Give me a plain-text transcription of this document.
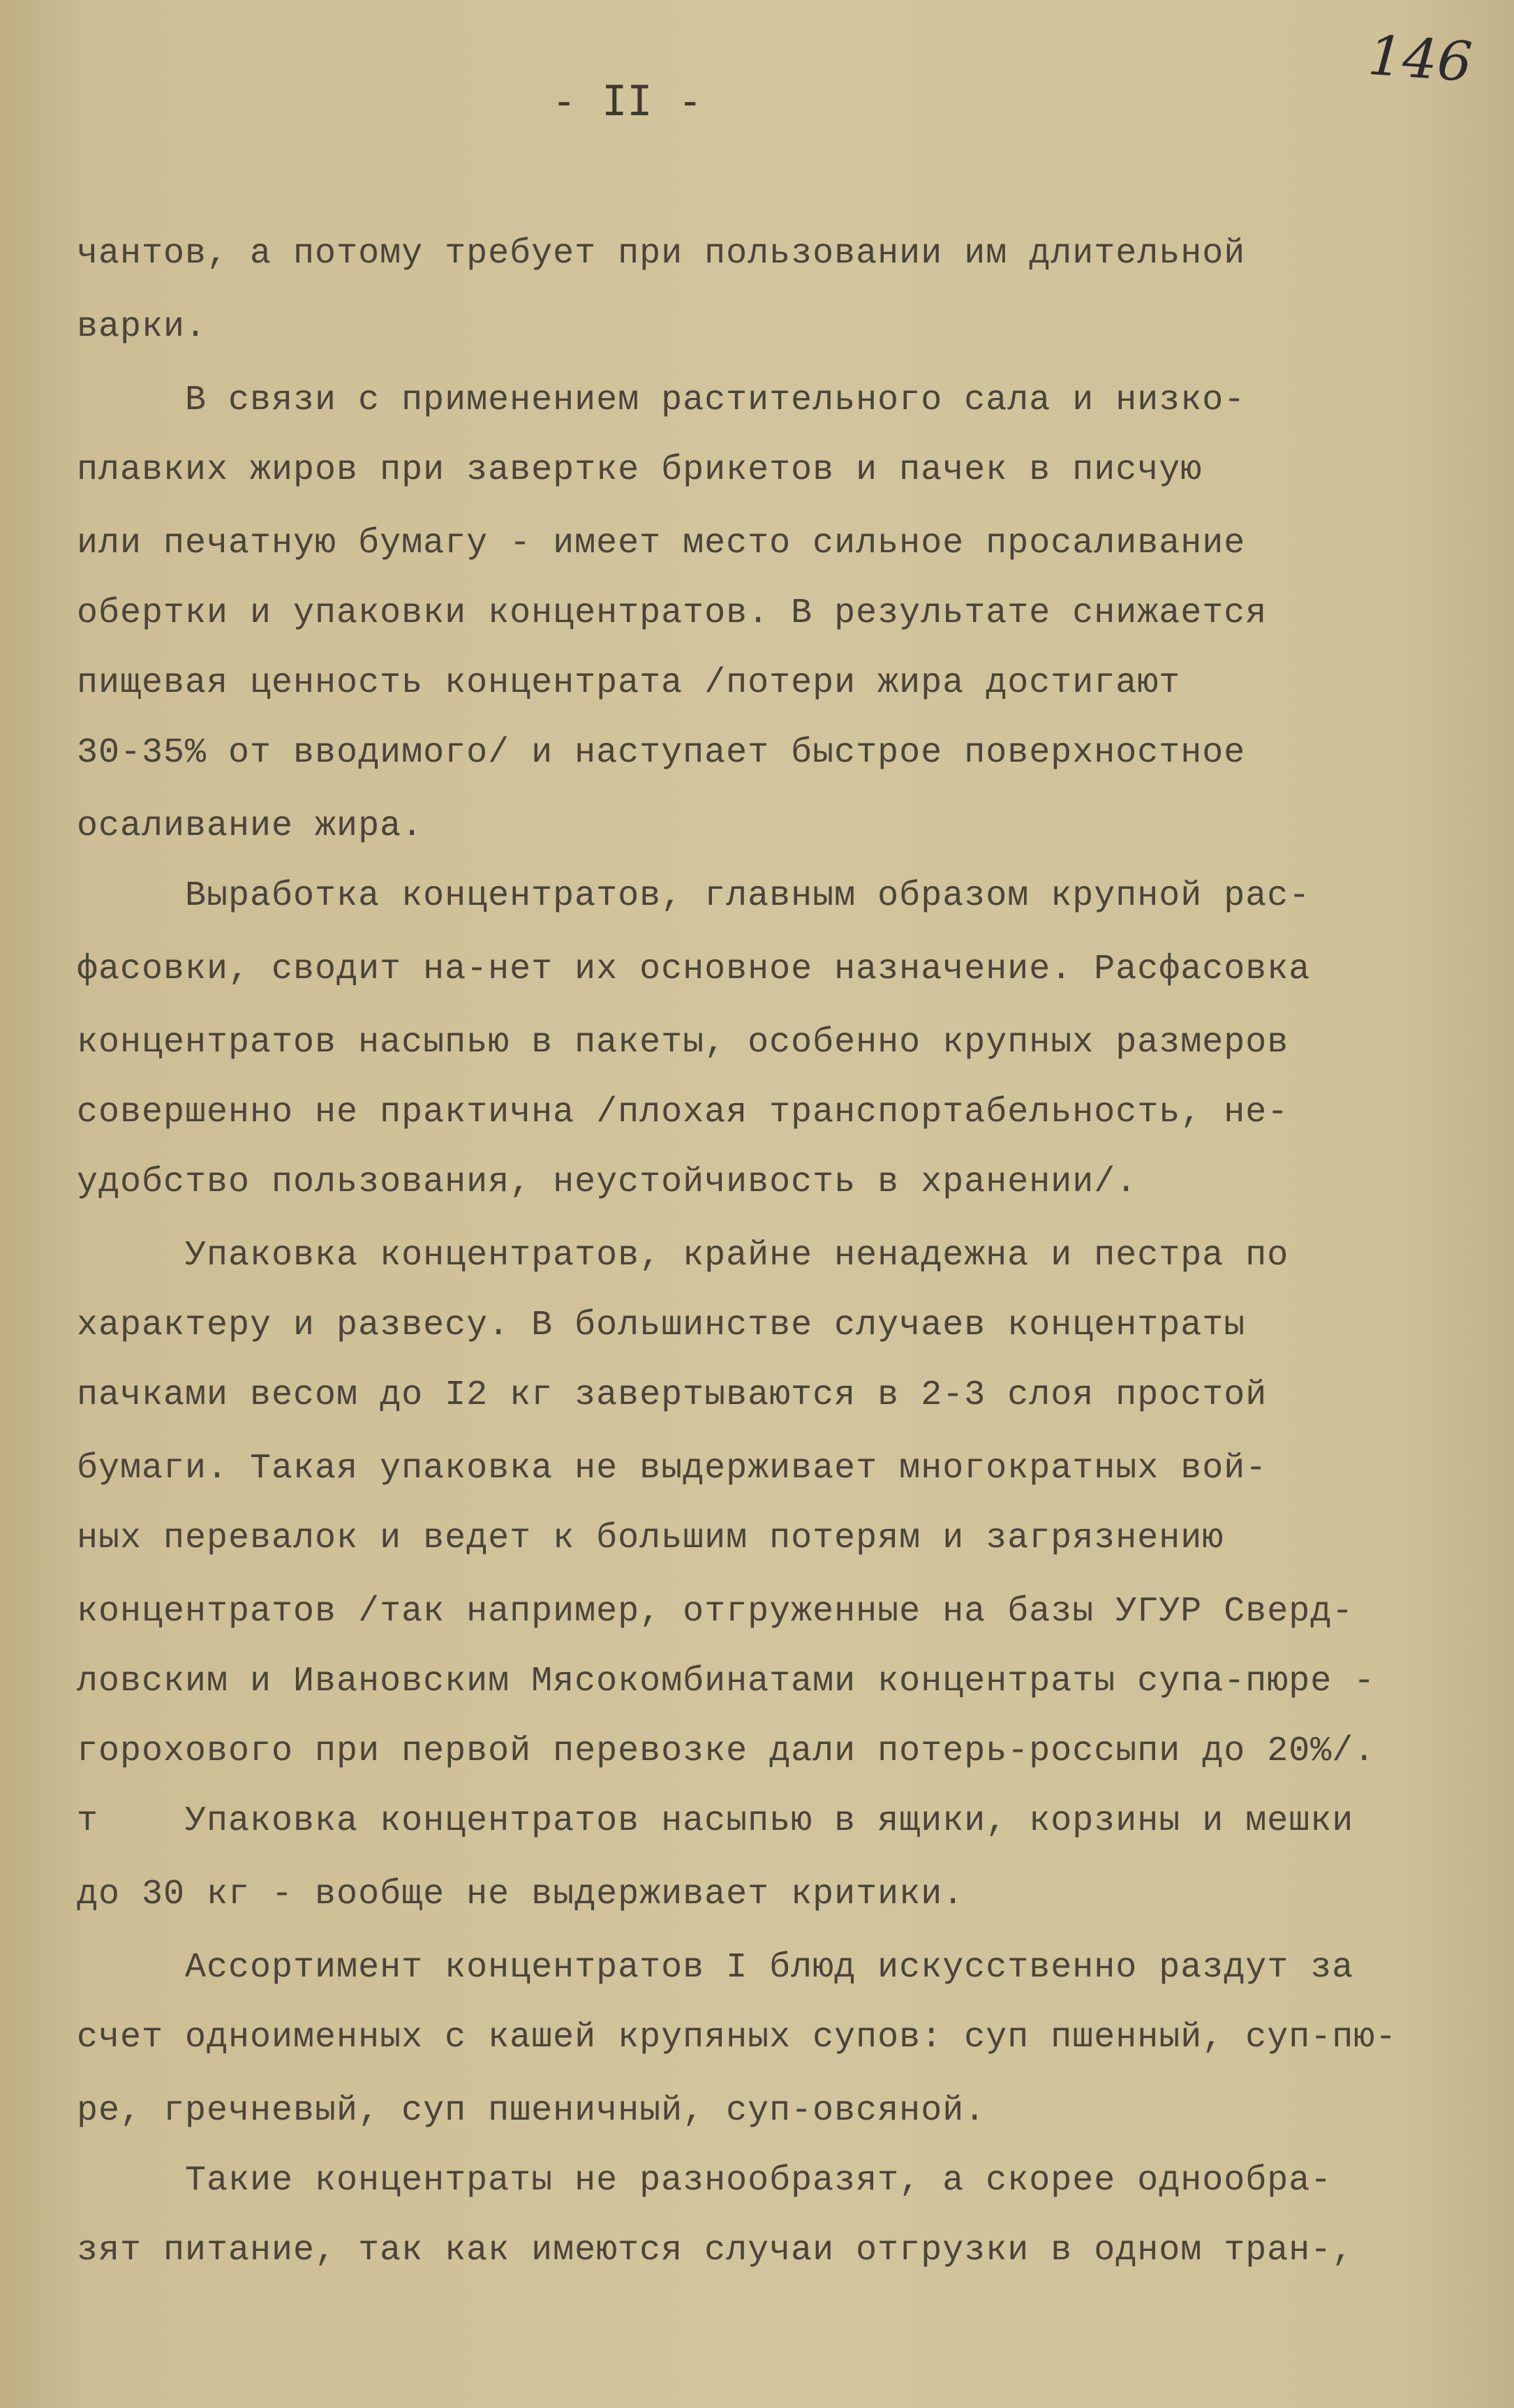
146
- II -
чантов, а потому требует при пользовании им длительной
варки.
В связи с применением растительного сала и низко-
плавких жиров при завертке брикетов и пачек в писчую
или печатную бумагу - имеет место сильное просаливание
обертки и упаковки концентратов. В результате снижается
пищевая ценность концентрата /потери жира достигают
30-35% от вводимого/ и наступает быстрое поверхностное
осаливание жира.
Выработка концентратов, главным образом крупной рас-
фасовки, сводит на-нет их основное назначение. Расфасовка
концентратов насыпью в пакеты, особенно крупных размеров
совершенно не практична /плохая транспортабельность, не-
удобство пользования, неустойчивость в хранении/.
Упаковка концентратов, крайне ненадежна и пестра по
характеру и развесу. В большинстве случаев концентраты
пачками весом до I2 кг завертываются в 2-3 слоя простой
бумаги. Такая упаковка не выдерживает многократных вой-
ных перевалок и ведет к большим потерям и загрязнению
концентратов /так например, отгруженные на базы УГУР Сверд-
ловским и Ивановским Мясокомбинатами концентраты супа-пюре -
горохового при первой перевозке дали потерь-россыпи до 20%/.
т    Упаковка концентратов насыпью в ящики, корзины и мешки
до 30 кг - вообще не выдерживает критики.
Ассортимент концентратов I блюд искусственно раздут за
счет одноименных с кашей крупяных супов: суп пшенный, суп-пю-
ре, гречневый, суп пшеничный, суп-овсяной.
Такие концентраты не разнообразят, а скорее однообра-
зят питание, так как имеются случаи отгрузки в одном тран-,
